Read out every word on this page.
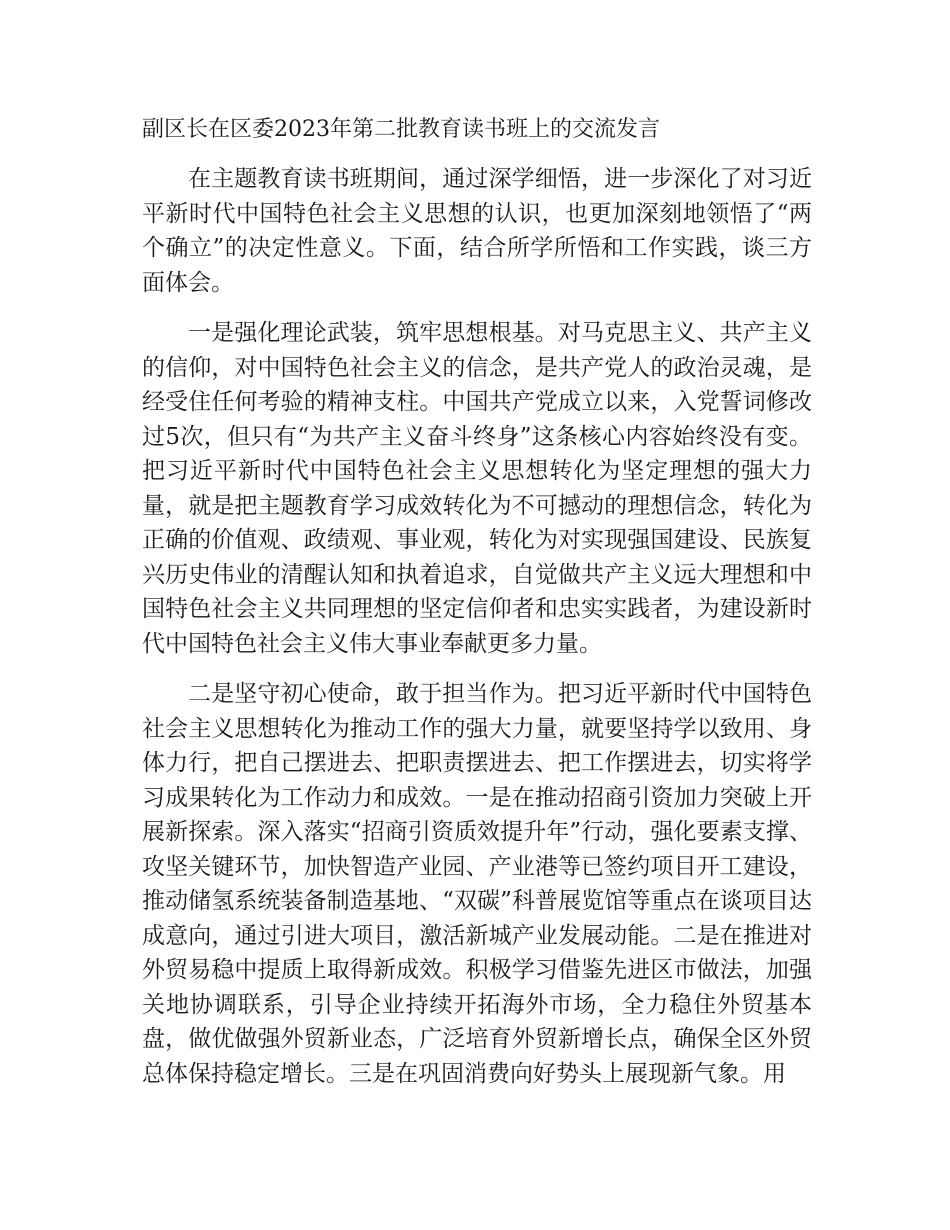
副区长在区委2023年第二批教育读书班上的交流发言

在主题教育读书班期间，通过深学细悟，进一步深化了对习近平新时代中国特色社会主义思想的认识，也更加深刻地领悟了“两个确立”的决定性意义。下面，结合所学所悟和工作实践，谈三方面体会。

一是强化理论武装，筑牢思想根基。对马克思主义、共产主义的信仰，对中国特色社会主义的信念，是共产党人的政治灵魂，是经受住任何考验的精神支柱。中国共产党成立以来，入党誓词修改过5次，但只有“为共产主义奋斗终身”这条核心内容始终没有变。把习近平新时代中国特色社会主义思想转化为坚定理想的强大力量，就是把主题教育学习成效转化为不可撼动的理想信念，转化为正确的价值观、政绩观、事业观，转化为对实现强国建设、民族复兴历史伟业的清醒认知和执着追求，自觉做共产主义远大理想和中国特色社会主义共同理想的坚定信仰者和忠实实践者，为建设新时代中国特色社会主义伟大事业奉献更多力量。

二是坚守初心使命，敢于担当作为。把习近平新时代中国特色社会主义思想转化为推动工作的强大力量，就要坚持学以致用、身体力行，把自己摆进去、把职责摆进去、把工作摆进去，切实将学习成果转化为工作动力和成效。一是在推动招商引资加力突破上开展新探索。深入落实“招商引资质效提升年”行动，强化要素支撑、攻坚关键环节，加快智造产业园、产业港等已签约项目开工建设，推动储氢系统装备制造基地、“双碳”科普展览馆等重点在谈项目达成意向，通过引进大项目，激活新城产业发展动能。二是在推进对外贸易稳中提质上取得新成效。积极学习借鉴先进区市做法，加强关地协调联系，引导企业持续开拓海外市场，全力稳住外贸基本盘，做优做强外贸新业态，广泛培育外贸新增长点，确保全区外贸总体保持稳定增长。三是在巩固消费向好势头上展现新气象。用
